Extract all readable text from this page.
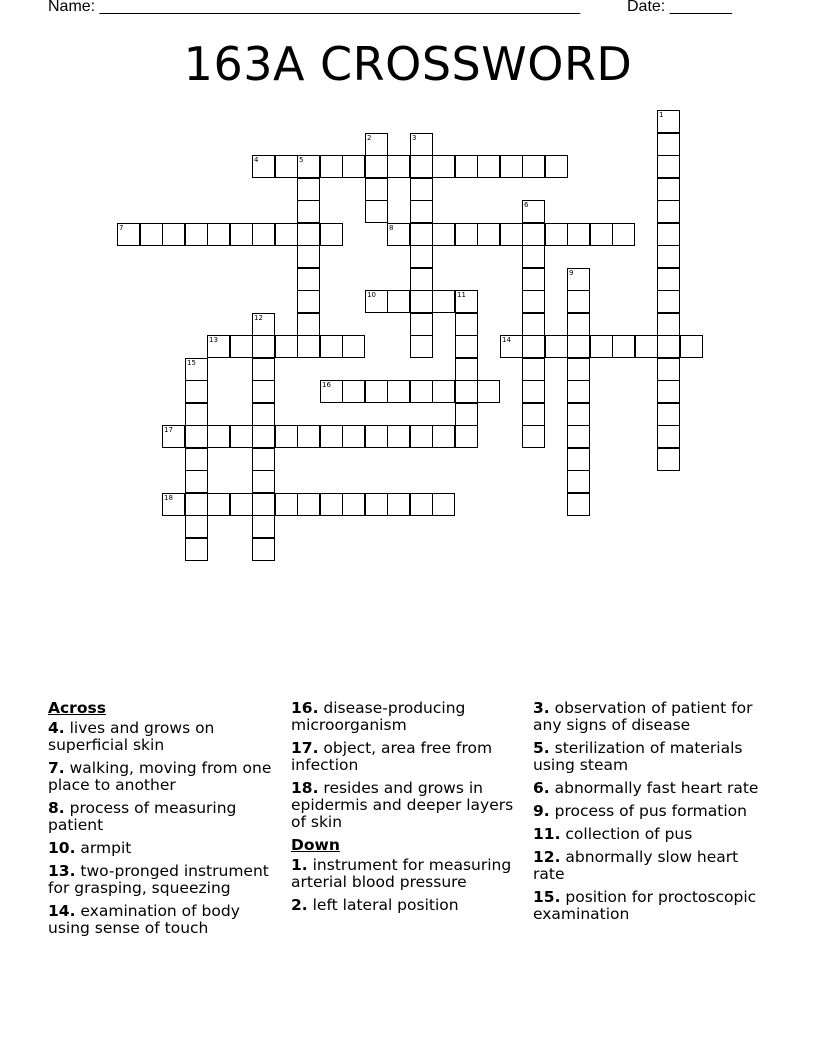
Name: ______________________________________________________	Date: _______
163A CROSSWORD
4
7	8
10
13	14
16
17
18
1
2	3
5
6
9
11
12
15
Across
4. lives and grows on superficial skin
7. walking, moving from one place to another
8. process of measuring patient
10. armpit
13. two-pronged instrument for grasping, squeezing
14. examination of body using sense of touch
16. disease-producing microorganism
17. object, area free from infection
18. resides and grows in epidermis and deeper layers of skin
Down
1. instrument for measuring arterial blood pressure
2. left lateral position
3. observation of patient for any signs of disease
5. sterilization of materials using steam
6. abnormally fast heart rate
9. process of pus formation
11. collection of pus
12. abnormally slow heart rate
15. position for proctoscopic examination
